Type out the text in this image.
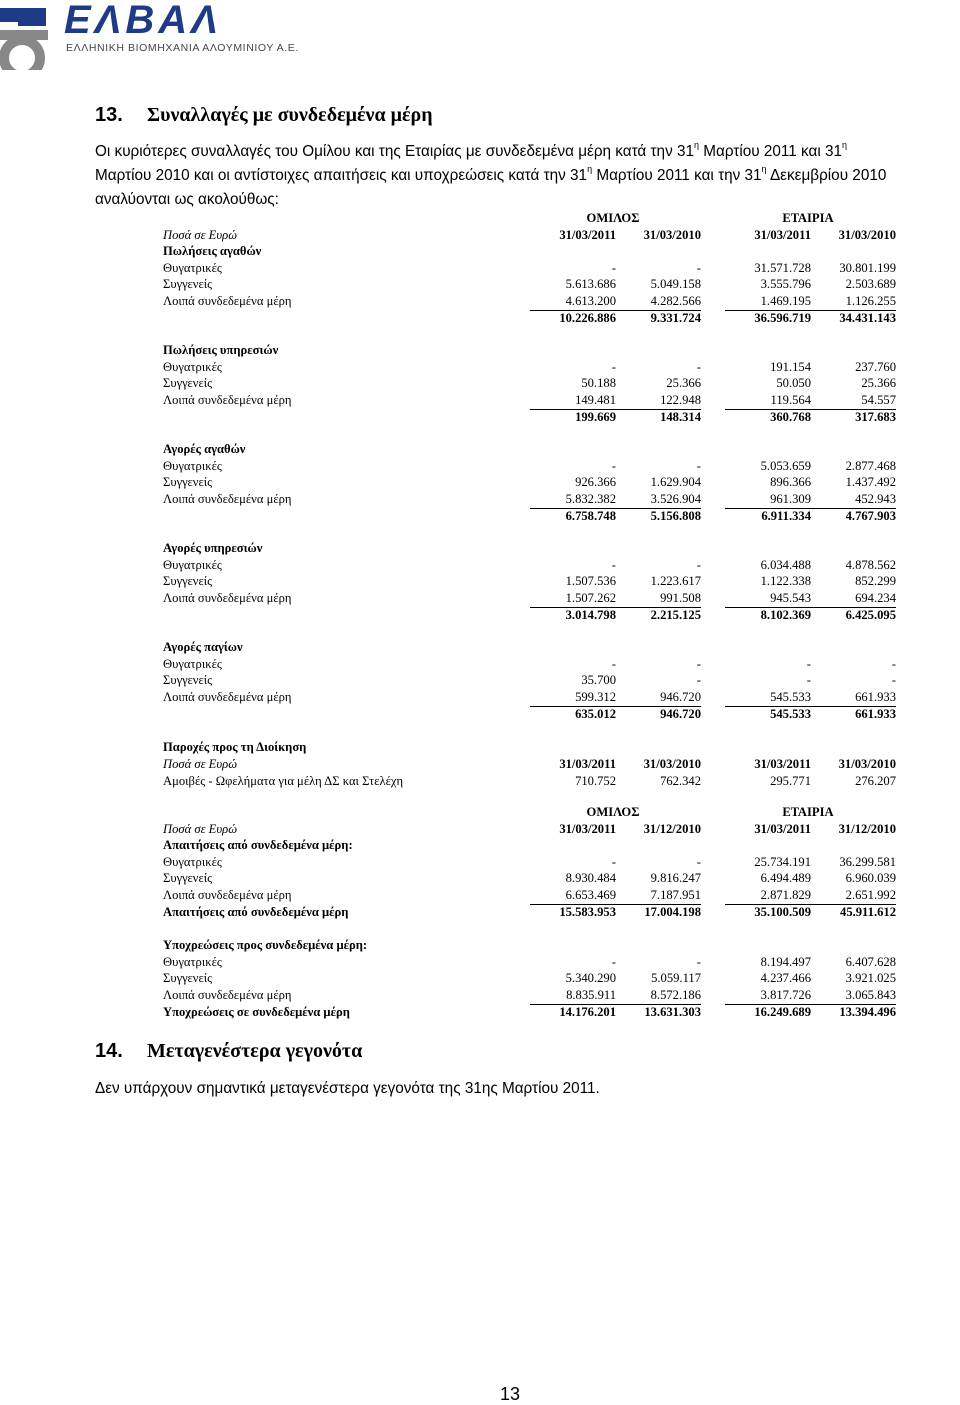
ΕΛΒΑΛ
ΕΛΛΗΝΙΚΗ ΒΙΟΜΗΧΑΝΙΑ ΑΛΟΥΜΙΝΙΟΥ Α.Ε.
13. Συναλλαγές με συνδεδεμένα μέρη
Οι κυριότερες συναλλαγές του Ομίλου και της Εταιρίας με συνδεδεμένα μέρη κατά την $31^\eta$ Μαρτίου 2011 και $31^\eta$
Μαρτίου 2010 και οι αντίστοιχες απαιτήσεις και υποχρεώσεις κατά την $31^\eta$ Μαρτίου 2011 και την $31^\eta$ Δεκεμβρίου 2010
αναλύονται ως ακολούθως:
ΟΜΙΛΟΣ	ΕΤΑΙΡΙΑ
Ποσά σε Ευρώ	31/03/2011	31/03/2010	31/03/2011	31/03/2010
Πωλήσεις αγαθών
Θυγατρικές	-	-	31.571.728	30.801.199
Συγγενείς	5.613.686	5.049.158	3.555.796	2.503.689
Λοιπά συνδεδεμένα μέρη	4.613.200	4.282.566	1.469.195	1.126.255
10.226.886	9.331.724	36.596.719	34.431.143
Πωλήσεις υπηρεσιών
Θυγατρικές	-	-	191.154	237.760
Συγγενείς	50.188	25.366	50.050	25.366
Λοιπά συνδεδεμένα μέρη	149.481	122.948	119.564	54.557
199.669	148.314	360.768	317.683
Αγορές αγαθών
Θυγατρικές	-	-	5.053.659	2.877.468
Συγγενείς	926.366	1.629.904	896.366	1.437.492
Λοιπά συνδεδεμένα μέρη	5.832.382	3.526.904	961.309	452.943
6.758.748	5.156.808	6.911.334	4.767.903
Αγορές υπηρεσιών
Θυγατρικές	-	-	6.034.488	4.878.562
Συγγενείς	1.507.536	1.223.617	1.122.338	852.299
Λοιπά συνδεδεμένα μέρη	1.507.262	991.508	945.543	694.234
3.014.798	2.215.125	8.102.369	6.425.095
Αγορές παγίων
Θυγατρικές	-	-	-	-
Συγγενείς	35.700	-	-	-
Λοιπά συνδεδεμένα μέρη	599.312	946.720	545.533	661.933
635.012	946.720	545.533	661.933
Παροχές προς τη Διοίκηση
Ποσά σε Ευρώ	31/03/2011	31/03/2010	31/03/2011	31/03/2010
Αμοιβές - Ωφελήματα για μέλη ΔΣ και Στελέχη	710.752	762.342	295.771	276.207
ΟΜΙΛΟΣ	ΕΤΑΙΡΙΑ
Ποσά σε Ευρώ	31/03/2011	31/12/2010	31/03/2011	31/12/2010
Απαιτήσεις από συνδεδεμένα μέρη:
Θυγατρικές	-	-	25.734.191	36.299.581
Συγγενείς	8.930.484	9.816.247	6.494.489	6.960.039
Λοιπά συνδεδεμένα μέρη	6.653.469	7.187.951	2.871.829	2.651.992
Απαιτήσεις από συνδεδεμένα μέρη	15.583.953	17.004.198	35.100.509	45.911.612
Υποχρεώσεις προς συνδεδεμένα μέρη:
Θυγατρικές	-	-	8.194.497	6.407.628
Συγγενείς	5.340.290	5.059.117	4.237.466	3.921.025
Λοιπά συνδεδεμένα μέρη	8.835.911	8.572.186	3.817.726	3.065.843
Υποχρεώσεις σε συνδεδεμένα μέρη	14.176.201	13.631.303	16.249.689	13.394.496
14. Μεταγενέστερα γεγονότα
Δεν υπάρχουν σημαντικά μεταγενέστερα γεγονότα της 31ης Μαρτίου 2011.
13
